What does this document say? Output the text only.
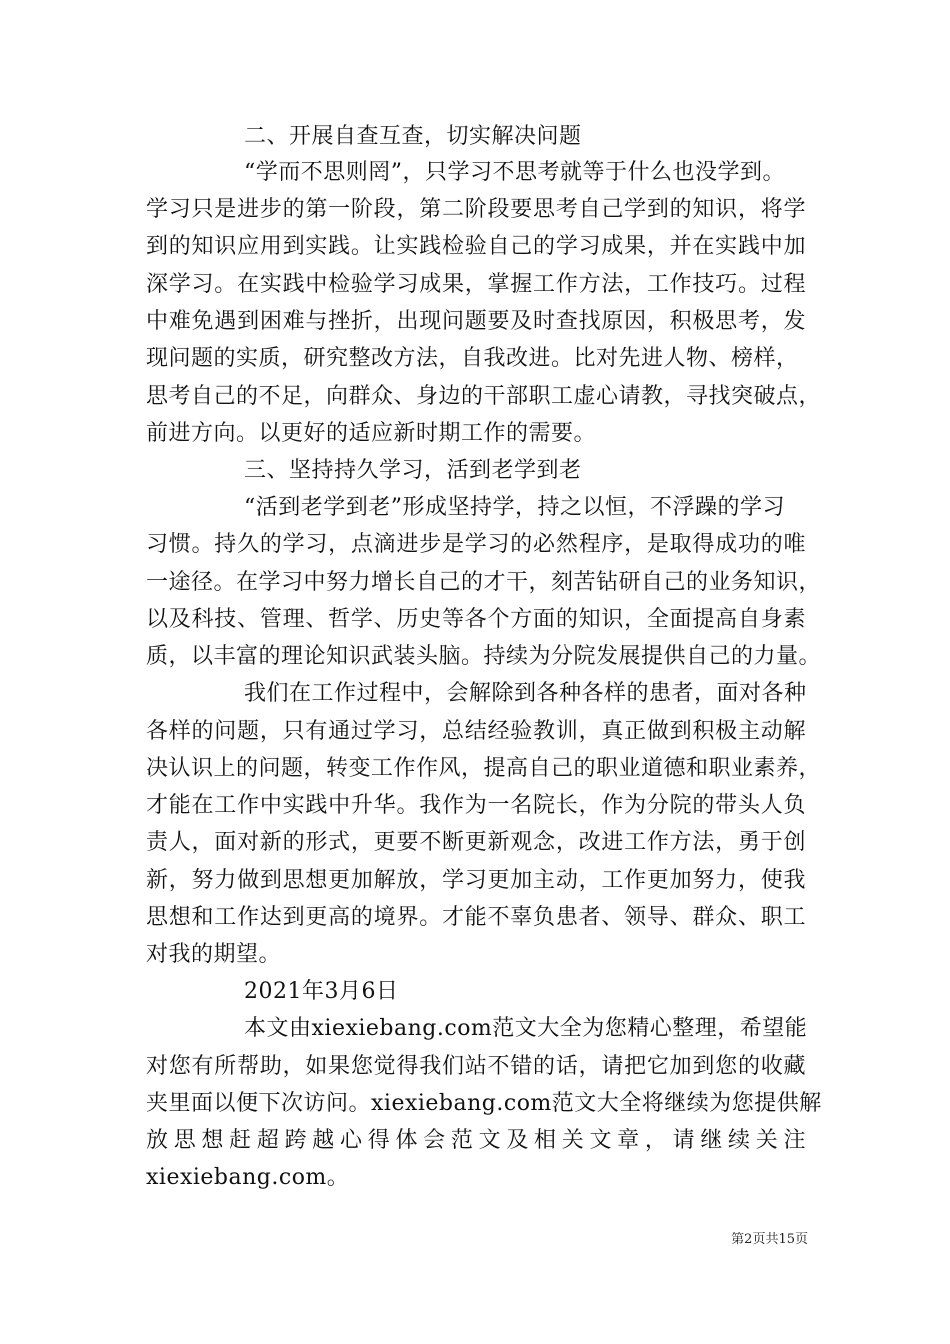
二、开展自查互查，切实解决问题
“学而不思则罔”，只学习不思考就等于什么也没学到。
学习只是进步的第一阶段，第二阶段要思考自己学到的知识，将学
到的知识应用到实践。让实践检验自己的学习成果，并在实践中加
深学习。在实践中检验学习成果，掌握工作方法，工作技巧。过程
中难免遇到困难与挫折，出现问题要及时查找原因，积极思考，发
现问题的实质，研究整改方法，自我改进。比对先进人物、榜样，
思考自己的不足，向群众、身边的干部职工虚心请教，寻找突破点，
前进方向。以更好的适应新时期工作的需要。
三、坚持持久学习，活到老学到老
“活到老学到老”形成坚持学，持之以恒，不浮躁的学习
习惯。持久的学习，点滴进步是学习的必然程序，是取得成功的唯
一途径。在学习中努力增长自己的才干，刻苦钻研自己的业务知识，
以及科技、管理、哲学、历史等各个方面的知识，全面提高自身素
质，以丰富的理论知识武装头脑。持续为分院发展提供自己的力量。
我们在工作过程中，会解除到各种各样的患者，面对各种
各样的问题，只有通过学习，总结经验教训，真正做到积极主动解
决认识上的问题，转变工作作风，提高自己的职业道德和职业素养，
才能在工作中实践中升华。我作为一名院长，作为分院的带头人负
责人，面对新的形式，更要不断更新观念，改进工作方法，勇于创
新，努力做到思想更加解放，学习更加主动，工作更加努力，使我
思想和工作达到更高的境界。才能不辜负患者、领导、群众、职工
对我的期望。
2021年3月6日
本文由xiexiebang.com范文大全为您精心整理，希望能
对您有所帮助，如果您觉得我们站不错的话，请把它加到您的收藏
夹里面以便下次访问。xiexiebang.com范文大全将继续为您提供解
放思想赶超跨越心得体会范文及相关文章，请继续关注
xiexiebang.com。
第2页共15页
